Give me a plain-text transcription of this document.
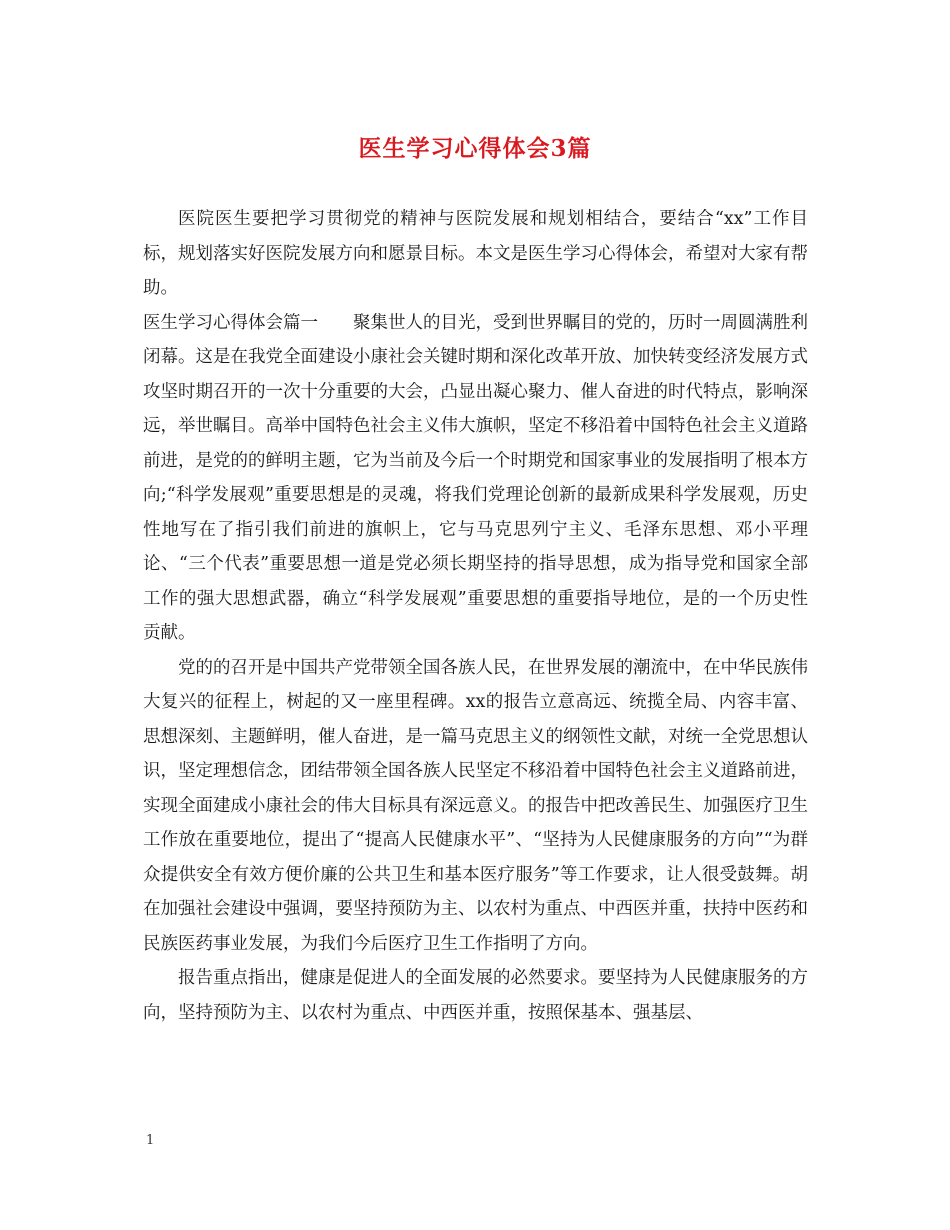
医生学习心得体会3篇

医院医生要把学习贯彻党的精神与医院发展和规划相结合，要结合“xx”工作目标，规划落实好医院发展方向和愿景目标。本文是医生学习心得体会，希望对大家有帮助。

医生学习心得体会篇一   聚集世人的目光，受到世界瞩目的党的，历时一周圆满胜利闭幕。这是在我党全面建设小康社会关键时期和深化改革开放、加快转变经济发展方式攻坚时期召开的一次十分重要的大会，凸显出凝心聚力、催人奋进的时代特点，影响深远，举世瞩目。高举中国特色社会主义伟大旗帜，坚定不移沿着中国特色社会主义道路前进，是党的的鲜明主题，它为当前及今后一个时期党和国家事业的发展指明了根本方向;“科学发展观”重要思想是的灵魂，将我们党理论创新的最新成果科学发展观，历史性地写在了指引我们前进的旗帜上，它与马克思列宁主义、毛泽东思想、邓小平理论、“三个代表”重要思想一道是党必须长期坚持的指导思想，成为指导党和国家全部工作的强大思想武器，确立“科学发展观”重要思想的重要指导地位，是的一个历史性贡献。

党的的召开是中国共产党带领全国各族人民，在世界发展的潮流中，在中华民族伟大复兴的征程上，树起的又一座里程碑。xx的报告立意高远、统揽全局、内容丰富、思想深刻、主题鲜明，催人奋进，是一篇马克思主义的纲领性文献，对统一全党思想认识，坚定理想信念，团结带领全国各族人民坚定不移沿着中国特色社会主义道路前进，实现全面建成小康社会的伟大目标具有深远意义。的报告中把改善民生、加强医疗卫生工作放在重要地位，提出了“提高人民健康水平”、“坚持为人民健康服务的方向”“为群众提供安全有效方便价廉的公共卫生和基本医疗服务”等工作要求，让人很受鼓舞。胡在加强社会建设中强调，要坚持预防为主、以农村为重点、中西医并重，扶持中医药和民族医药事业发展，为我们今后医疗卫生工作指明了方向。

报告重点指出，健康是促进人的全面发展的必然要求。要坚持为人民健康服务的方向，坚持预防为主、以农村为重点、中西医并重，按照保基本、强基层、

1
